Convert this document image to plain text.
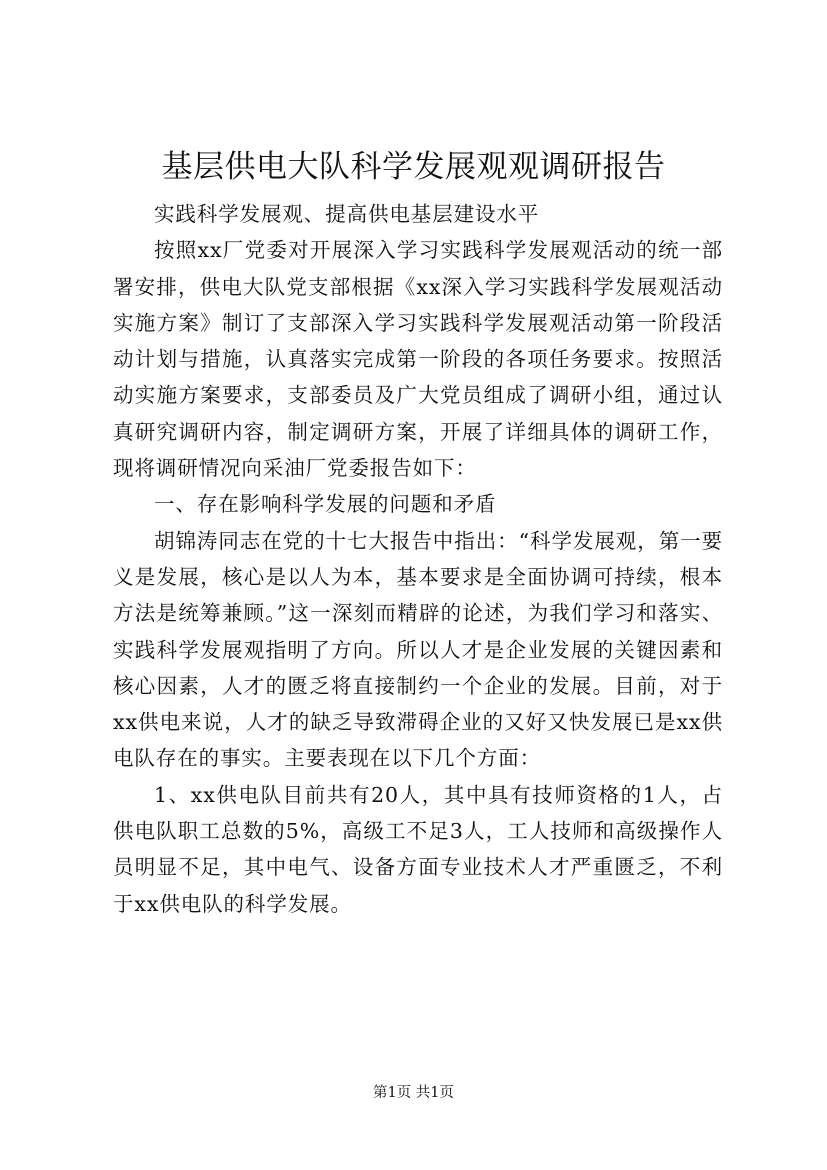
基层供电大队科学发展观观调研报告

实践科学发展观、提高供电基层建设水平

按照xx厂党委对开展深入学习实践科学发展观活动的统一部署安排，供电大队党支部根据《xx深入学习实践科学发展观活动实施方案》制订了支部深入学习实践科学发展观活动第一阶段活动计划与措施，认真落实完成第一阶段的各项任务要求。按照活动实施方案要求，支部委员及广大党员组成了调研小组，通过认真研究调研内容，制定调研方案，开展了详细具体的调研工作，现将调研情况向采油厂党委报告如下：

一、存在影响科学发展的问题和矛盾

胡锦涛同志在党的十七大报告中指出：“科学发展观，第一要义是发展，核心是以人为本，基本要求是全面协调可持续，根本方法是统筹兼顾。”这一深刻而精辟的论述，为我们学习和落实、实践科学发展观指明了方向。所以人才是企业发展的关键因素和核心因素，人才的匮乏将直接制约一个企业的发展。目前，对于xx供电来说，人才的缺乏导致滞碍企业的又好又快发展已是xx供电队存在的事实。主要表现在以下几个方面：

1、xx供电队目前共有20人，其中具有技师资格的1人，占供电队职工总数的5%，高级工不足3人，工人技师和高级操作人员明显不足，其中电气、设备方面专业技术人才严重匮乏，不利于xx供电队的科学发展。

第1页 共1页
